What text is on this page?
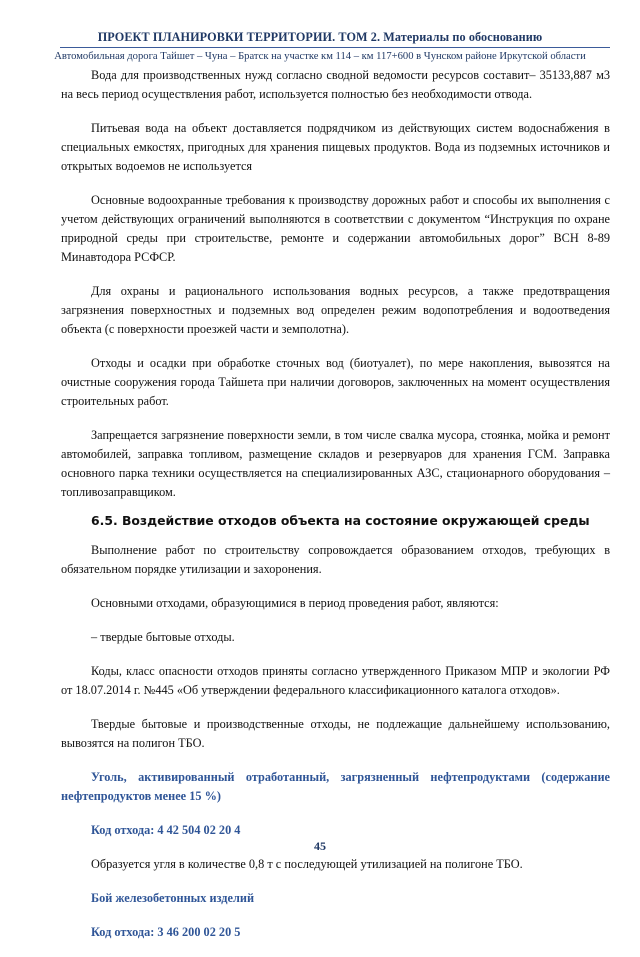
ПРОЕКТ ПЛАНИРОВКИ ТЕРРИТОРИИ. ТОМ 2. Материалы по обоснованию
Автомобильная дорога Тайшет – Чуна – Братск на участке км 114 – км 117+600 в Чунском районе Иркутской области

Вода для производственных нужд согласно сводной ведомости ресурсов составит– 35133,887 м3 на весь период осуществления работ, используется полностью без необходимости отвода.

Питьевая вода на объект доставляется подрядчиком из действующих систем водоснабжения в специальных емкостях, пригодных для хранения пищевых продуктов. Вода из подземных источников и открытых водоемов не используется

Основные водоохранные требования к производству дорожных работ и способы их выполнения с учетом действующих ограничений выполняются в соответствии с документом “Инструкция по охране природной среды при строительстве, ремонте и содержании автомобильных дорог” ВСН 8-89 Минавтодора РСФСР.

Для охраны и рационального использования водных ресурсов, а также предотвращения загрязнения поверхностных и подземных вод определен режим водопотребления и водоотведения объекта (с поверхности проезжей части и земполотна).

Отходы и осадки при обработке сточных вод (биотуалет), по мере накопления, вывозятся на очистные сооружения города Тайшета при наличии договоров, заключенных на момент осуществления строительных работ.

Запрещается загрязнение поверхности земли, в том числе свалка мусора, стоянка, мойка и ремонт автомобилей, заправка топливом, размещение складов и резервуаров для хранения ГСМ. Заправка основного парка техники осуществляется на специализированных АЗС, стационарного оборудования – топливозаправщиком.

6.5. Воздействие отходов объекта на состояние окружающей среды

Выполнение работ по строительству сопровождается образованием отходов, требующих в обязательном порядке утилизации и захоронения.

Основными отходами, образующимися в период проведения работ, являются:

– твердые бытовые отходы.

Коды, класс опасности отходов приняты согласно утвержденного Приказом МПР и экологии РФ от 18.07.2014 г. №445 «Об утверждении федерального классификационного каталога отходов».

Твердые бытовые и производственные отходы, не подлежащие дальнейшему использованию, вывозятся на полигон ТБО.

Уголь, активированный отработанный, загрязненный нефтепродуктами (содержание нефтепродуктов менее 15 %)

Код отхода: 4 42 504 02 20 4

Образуется угля в количестве 0,8 т с последующей утилизацией на полигоне ТБО.

Бой железобетонных изделий

Код отхода: 3 46 200 02 20 5

45
